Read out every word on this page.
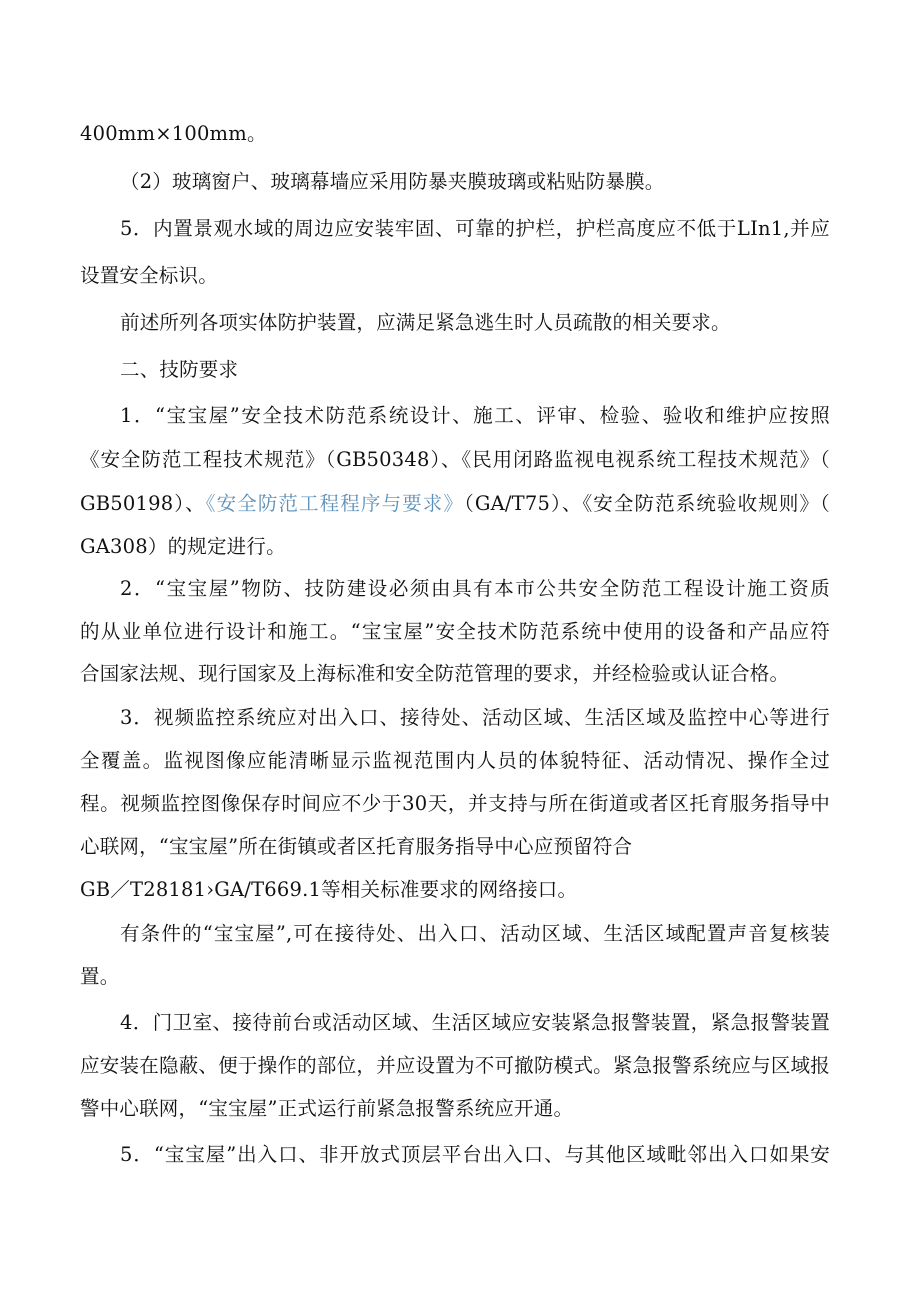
400mm×100mm。
（2）玻璃窗户、玻璃幕墙应采用防暴夹膜玻璃或粘贴防暴膜。
5．内置景观水域的周边应安装牢固、可靠的护栏，护栏高度应不低于LIn1,并应
设置安全标识。
前述所列各项实体防护装置，应满足紧急逃生时人员疏散的相关要求。
二、技防要求
1．“宝宝屋”安全技术防范系统设计、施工、评审、检验、验收和维护应按照
《安全防范工程技术规范》（GB50348）、《民用闭路监视电视系统工程技术规范》（
GB50198）、《安全防范工程程序与要求》（GA/T75）、《安全防范系统验收规则》（
GA308）的规定进行。
2．“宝宝屋”物防、技防建设必须由具有本市公共安全防范工程设计施工资质
的从业单位进行设计和施工。“宝宝屋”安全技术防范系统中使用的设备和产品应符
合国家法规、现行国家及上海标准和安全防范管理的要求，并经检验或认证合格。
3．视频监控系统应对出入口、接待处、活动区域、生活区域及监控中心等进行
全覆盖。监视图像应能清晰显示监视范围内人员的体貌特征、活动情况、操作全过
程。视频监控图像保存时间应不少于30天，并支持与所在街道或者区托育服务指导中
心联网，“宝宝屋”所在街镇或者区托育服务指导中心应预留符合
GB／T28181›GA/T669.1等相关标准要求的网络接口。
有条件的“宝宝屋”,可在接待处、出入口、活动区域、生活区域配置声音复核装
置。
4．门卫室、接待前台或活动区域、生活区域应安装紧急报警装置，紧急报警装置
应安装在隐蔽、便于操作的部位，并应设置为不可撤防模式。紧急报警系统应与区域报
警中心联网，“宝宝屋”正式运行前紧急报警系统应开通。
5．“宝宝屋”出入口、非开放式顶层平台出入口、与其他区域毗邻出入口如果安
